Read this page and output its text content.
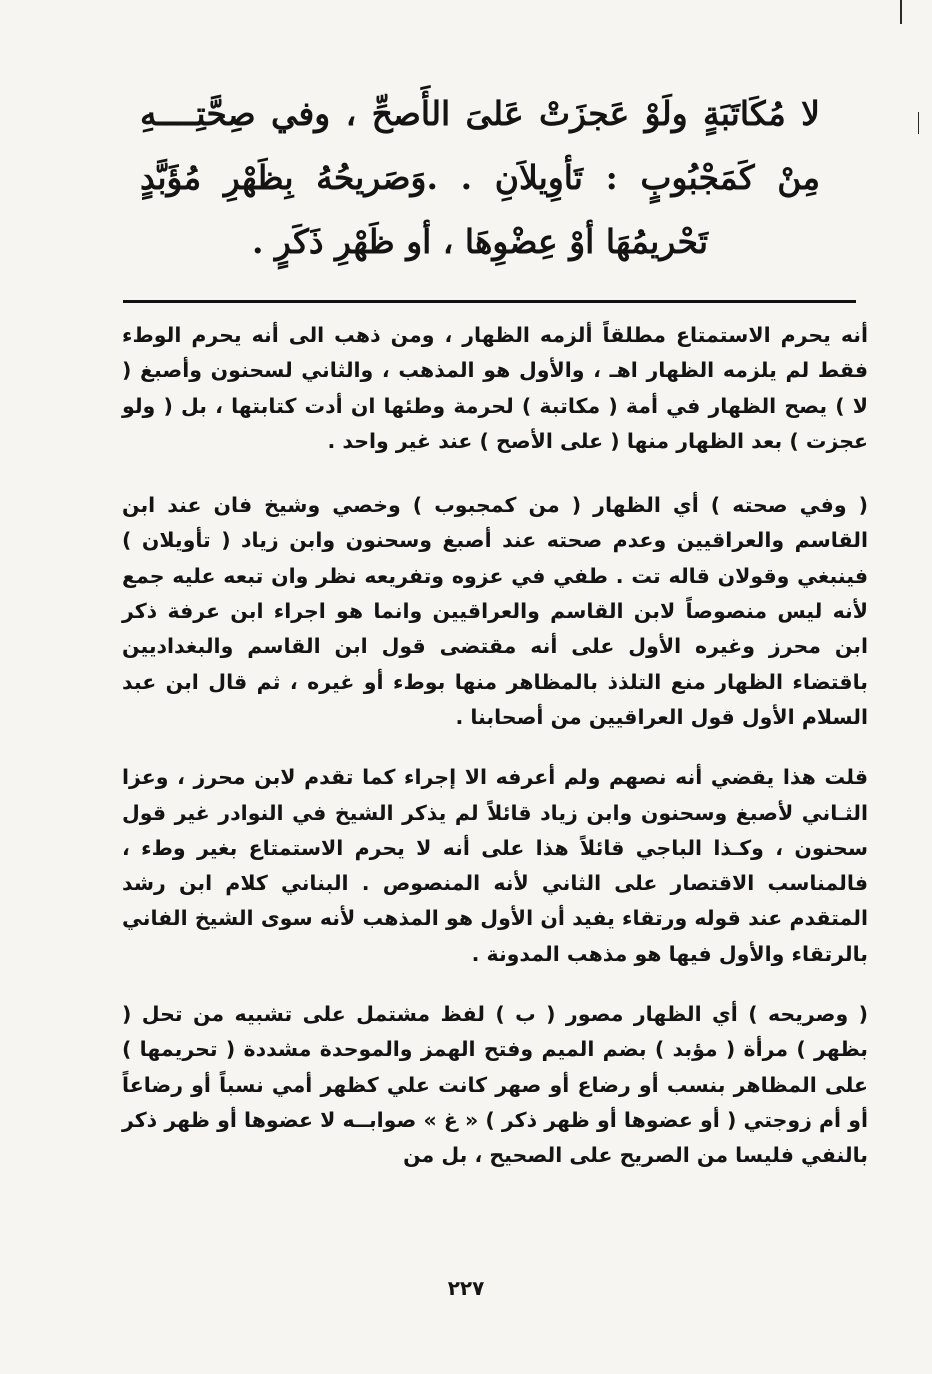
لا مُكَاتَبَةٍ ولَوْ عَجزَتْ عَلىَ الأَصحِّ ، وفي صِحَّتِــــهِ مِنْ كَمَجْبُوبٍ : تَأوِيلاَنِ . .وَصَريحُهُ بِظَهْرِ مُؤَبَّدٍ تَحْريمُهَا أوْ عِضْوِهَا ، أو ظَهْرِ ذَكَرٍ .

أنه يحرم الاستمتاع مطلقاً ألزمه الظهار ، ومن ذهب الى أنه يحرم الوطء فقط لم يلزمه الظهار اهـ ، والأول هو المذهب ، والثاني لسحنون وأصبغ ( لا ) يصح الظهار في أمة ( مكاتبة ) لحرمة وطئها ان أدت كتابتها ، بل ( ولو عجزت ) بعد الظهار منها ( على الأصح ) عند غير واحد .

( وفي صحته ) أي الظهار ( من كمجبوب ) وخصي وشيخ فان عند ابن القاسم والعراقيين وعدم صحته عند أصبغ وسحنون وابن زياد ( تأويلان ) فينبغي وقولان قاله تت . طفي في عزوه وتفريعه نظر وان تبعه عليه جمع لأنه ليس منصوصاً لابن القاسم والعراقيين وانما هو اجراء ابن عرفة ذكر ابن محرز وغيره الأول على أنه مقتضى قول ابن القاسم والبغداديين باقتضاء الظهار منع التلذذ بالمظاهر منها بوطء أو غيره ، ثم قال ابن عبد السلام الأول قول العراقيين من أصحابنا .

قلت هذا يقضي أنه نصهم ولم أعرفه الا إجراء كما تقدم لابن محرز ، وعزا الثـاني لأصبغ وسحنون وابن زياد قائلاً لم يذكر الشيخ في النوادر غير قول سحنون ، وكـذا الباجي قائلاً هذا على أنه لا يحرم الاستمتاع بغير وطء ، فالمناسب الاقتصار على الثاني لأنه المنصوص . البناني كلام ابن رشد المتقدم عند قوله ورتقاء يفيد أن الأول هو المذهب لأنه سوى الشيخ الفاني بالرتقاء والأول فيها هو مذهب المدونة .

( وصريحه ) أي الظهار مصور ( ب ) لفظ مشتمل على تشبيه من تحل ( بظهر ) مرأة ( مؤبد ) بضم الميم وفتح الهمز والموحدة مشددة ( تحريمها ) على المظاهر بنسب أو رضاع أو صهر كانت علي كظهر أمي نسباً أو رضاعاً أو أم زوجتي ( أو عضوها أو ظهر ذكر ) « غ » صوابــه لا عضوها أو ظهر ذكر بالنفي فليسا من الصريح على الصحيح ، بل من

٢٢٧
